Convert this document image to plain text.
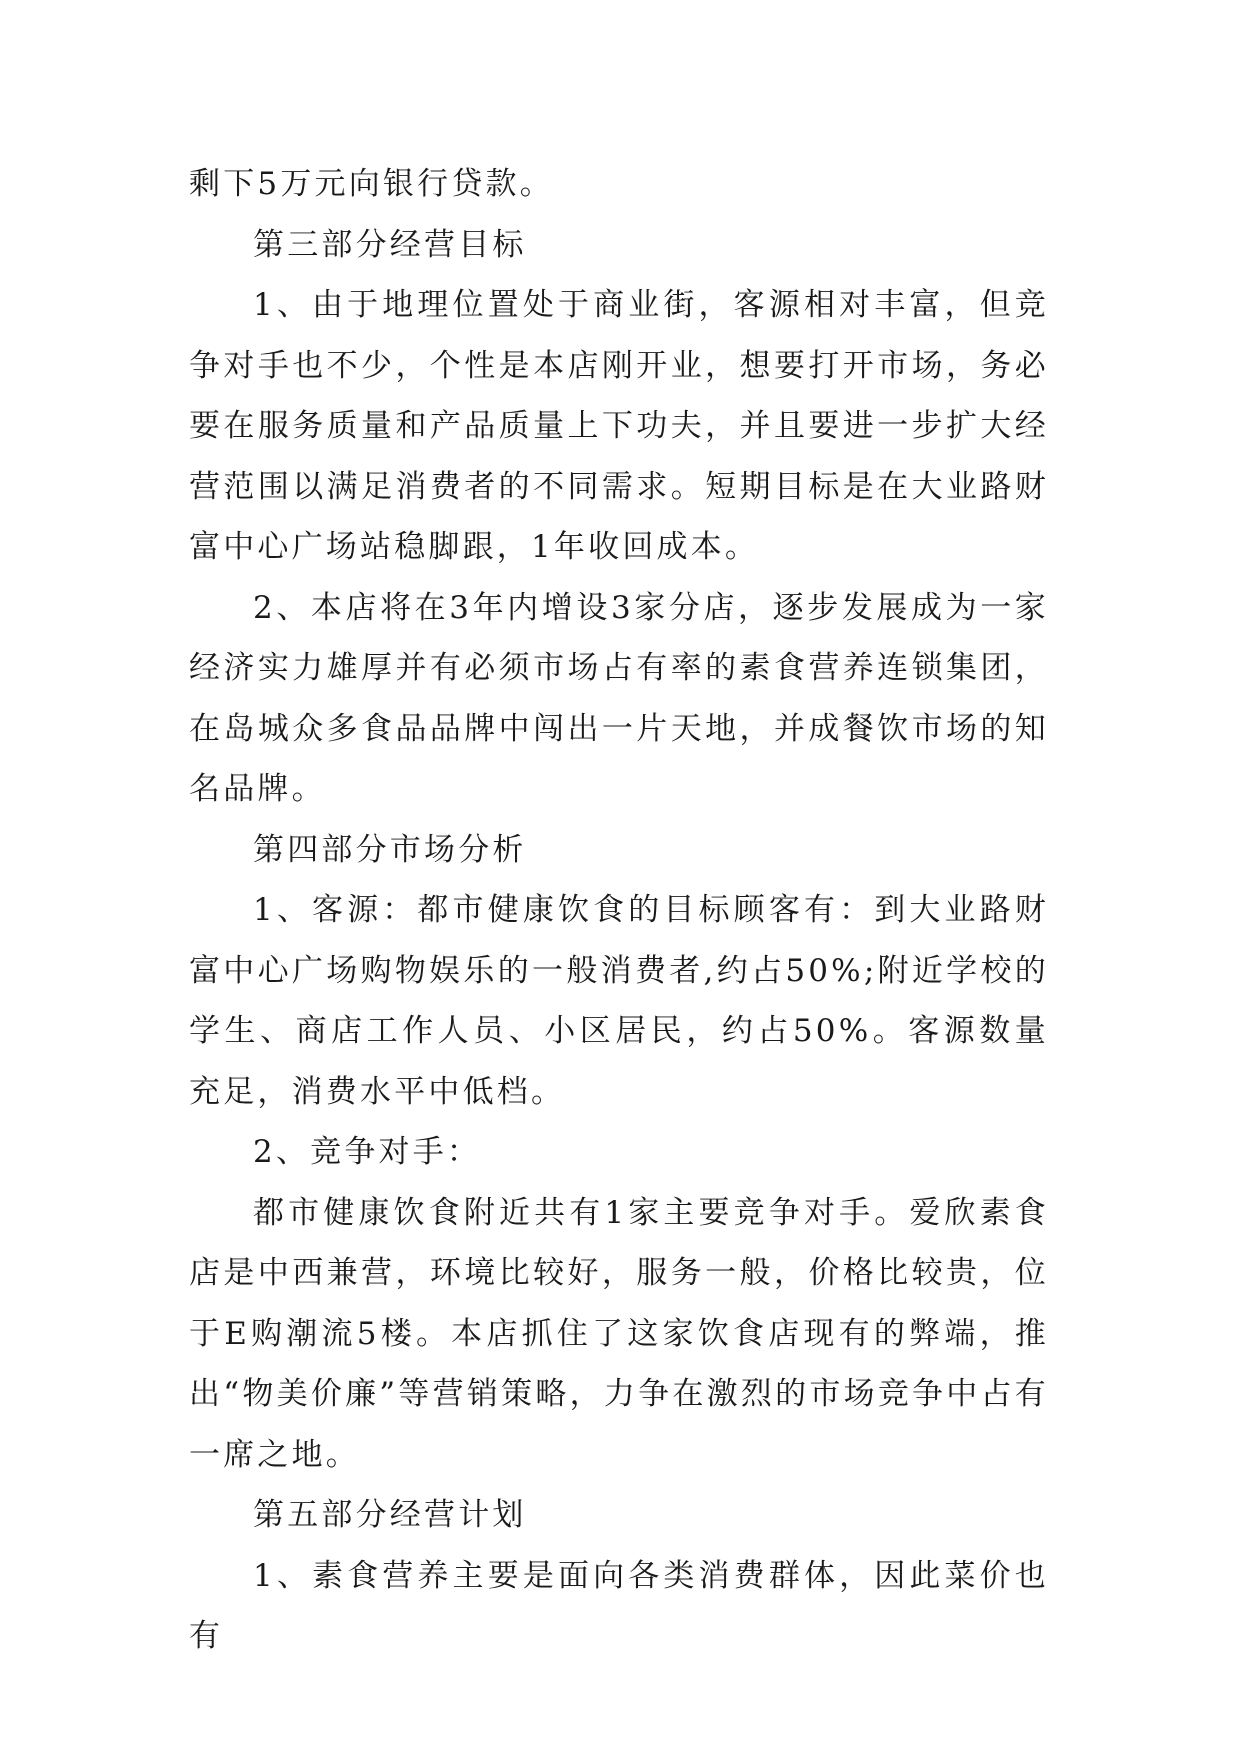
剩下5万元向银行贷款。

第三部分经营目标

1、由于地理位置处于商业街，客源相对丰富，但竞争对手也不少，个性是本店刚开业，想要打开市场，务必要在服务质量和产品质量上下功夫，并且要进一步扩大经营范围以满足消费者的不同需求。短期目标是在大业路财富中心广场站稳脚跟，1年收回成本。

2、本店将在3年内增设3家分店，逐步发展成为一家经济实力雄厚并有必须市场占有率的素食营养连锁集团，在岛城众多食品品牌中闯出一片天地，并成餐饮市场的知名品牌。

第四部分市场分析

1、客源：都市健康饮食的目标顾客有：到大业路财富中心广场购物娱乐的一般消费者,约占50%;附近学校的学生、商店工作人员、小区居民，约占50%。客源数量充足，消费水平中低档。

2、竞争对手：

都市健康饮食附近共有1家主要竞争对手。爱欣素食店是中西兼营，环境比较好，服务一般，价格比较贵，位于E购潮流5楼。本店抓住了这家饮食店现有的弊端，推出“物美价廉”等营销策略，力争在激烈的市场竞争中占有一席之地。

第五部分经营计划

1、素食营养主要是面向各类消费群体，因此菜价也有
